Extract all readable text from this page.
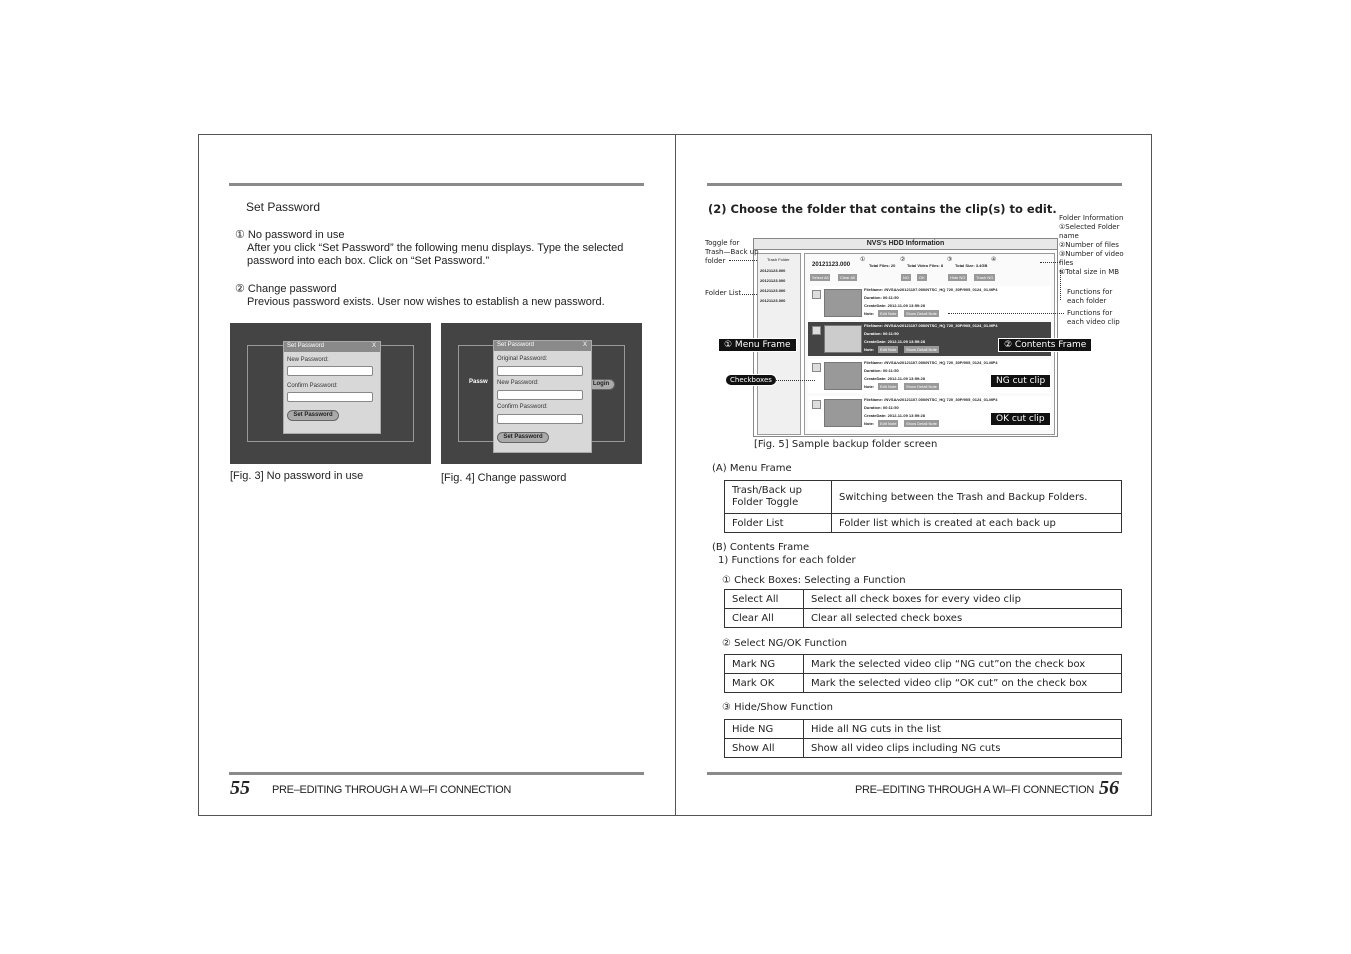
Set Password
① No password in use
After you click “Set Password” the following menu displays. Type the selected
password into each box. Click on “Set Password.”
② Change password
Previous password exists. User now wishes to establish a new password.
Set Password	X
New Password:
Confirm Password:
Set Password
[Fig. 3] No password in use
Passw	Login
Set Password	X
Original Password:
New Password:
Confirm Password:
Set Password
[Fig. 4] Change password
55 PRE–EDITING THROUGH A WI–FI CONNECTION
(2) Choose the folder that contains the clip(s) to edit.
NVS's HDD Information
Trash Folder
20121123.000
20121123.000
20121123.000
20121123.000
20121123.000	Total Files: 20	Total Video Files: 8	Total Size: 3.4GB
①	②	③	④
Select All	Clear All	NG	OK	Hide NG	Trash NG
FileName: /NVSA/v20121107.000/NTSC_HQ 720_30P/905_0124_01.MP4
Duration: 00:11:50
CreateDate: 2012-11-09 13:59:28
Note:	Edit Note	Show Detail Note
FileName: /NVSA/v20121107.000/NTSC_HQ 720_30P/905_0124_01.MP4
Duration: 00:11:50
CreateDate: 2012-11-09 13:59:28
Note:	Edit Note	Show Detail Note
FileName: /NVSA/v20121107.000/NTSC_HQ 720_30P/905_0124_01.MP4
Duration: 00:11:50
CreateDate: 2012-11-09 13:59:28
Note:	Edit Note	Show Detail Note
FileName: /NVSA/v20121107.000/NTSC_HQ 720_30P/905_0124_01.MP4
Duration: 00:11:50
CreateDate: 2012-11-09 13:59:28
Note:	Edit Note	Show Detail Note
Toggle for
Trash—Back up
folder
Folder List
Folder Information
①Selected Folder
name
②Number of files
③Number of video
files
④Total size in MB
Functions for
each folder
Functions for
each video clip
① Menu Frame	② Contents Frame
Checkboxes	NG cut clip
OK cut clip
[Fig. 5] Sample backup folder screen
(A) Menu Frame
Trash/Back up
Folder Toggle	Switching between the Trash and Backup Folders.
Folder List	Folder list which is created at each back up
(B) Contents Frame
1) Functions for each folder
① Check Boxes: Selecting a Function
Select All	Select all check boxes for every video clip
Clear All	Clear all selected check boxes
② Select NG/OK Function
Mark NG	Mark the selected video clip “NG cut”on the check box
Mark OK	Mark the selected video clip “OK cut” on the check box
③ Hide/Show Function
Hide NG	Hide all NG cuts in the list
Show All	Show all video clips including NG cuts
PRE–EDITING THROUGH A WI–FI CONNECTION 56
